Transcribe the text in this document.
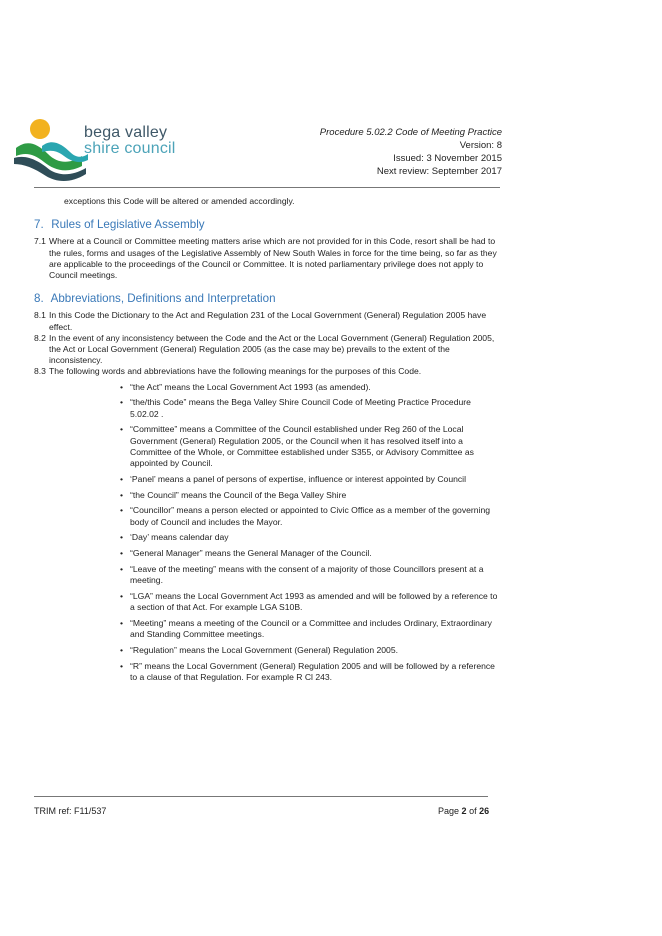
bega valley
shire council
Procedure 5.02.2 Code of Meeting Practice
Version: 8
Issued: 3 November 2015
Next review: September 2017
exceptions this Code will be altered or amended accordingly.
7. Rules of Legislative Assembly
7.1 Where at a Council or Committee meeting matters arise which are not provided for in this Code, resort shall be had to the rules, forms and usages of the Legislative Assembly of New South Wales in force for the time being, so far as they are applicable to the proceedings of the Council or Committee. It is noted parliamentary privilege does not apply to Council meetings.
8. Abbreviations, Definitions and Interpretation
8.1 In this Code the Dictionary to the Act and Regulation 231 of the Local Government (General) Regulation 2005 have effect.
8.2 In the event of any inconsistency between the Code and the Act or the Local Government (General) Regulation 2005, the Act or Local Government (General) Regulation 2005 (as the case may be) prevails to the extent of the inconsistency.
8.3 The following words and abbreviations have the following meanings for the purposes of this Code.
• “the Act” means the Local Government Act 1993 (as amended).
• “the/this Code” means the Bega Valley Shire Council Code of Meeting Practice Procedure 5.02.02 .
• “Committee” means a Committee of the Council established under Reg 260 of the Local Government (General) Regulation 2005, or the Council when it has resolved itself into a Committee of the Whole, or Committee established under S355, or Advisory Committee as appointed by Council.
• ‘Panel’ means a panel of persons of expertise, influence or interest appointed by Council
• “the Council” means the Council of the Bega Valley Shire
• “Councillor” means a person elected or appointed to Civic Office as a member of the governing body of Council and includes the Mayor.
• ‘Day’ means calendar day
• “General Manager” means the General Manager of the Council.
• “Leave of the meeting” means with the consent of a majority of those Councillors present at a meeting.
• “LGA” means the Local Government Act 1993 as amended and will be followed by a reference to a section of that Act. For example LGA S10B.
• “Meeting” means a meeting of the Council or a Committee and includes Ordinary, Extraordinary and Standing Committee meetings.
• “Regulation” means the Local Government (General) Regulation 2005.
• “R” means the Local Government (General) Regulation 2005 and will be followed by a reference to a clause of that Regulation. For example R Cl 243.
TRIM ref: F11/537	Page 2 of 26
